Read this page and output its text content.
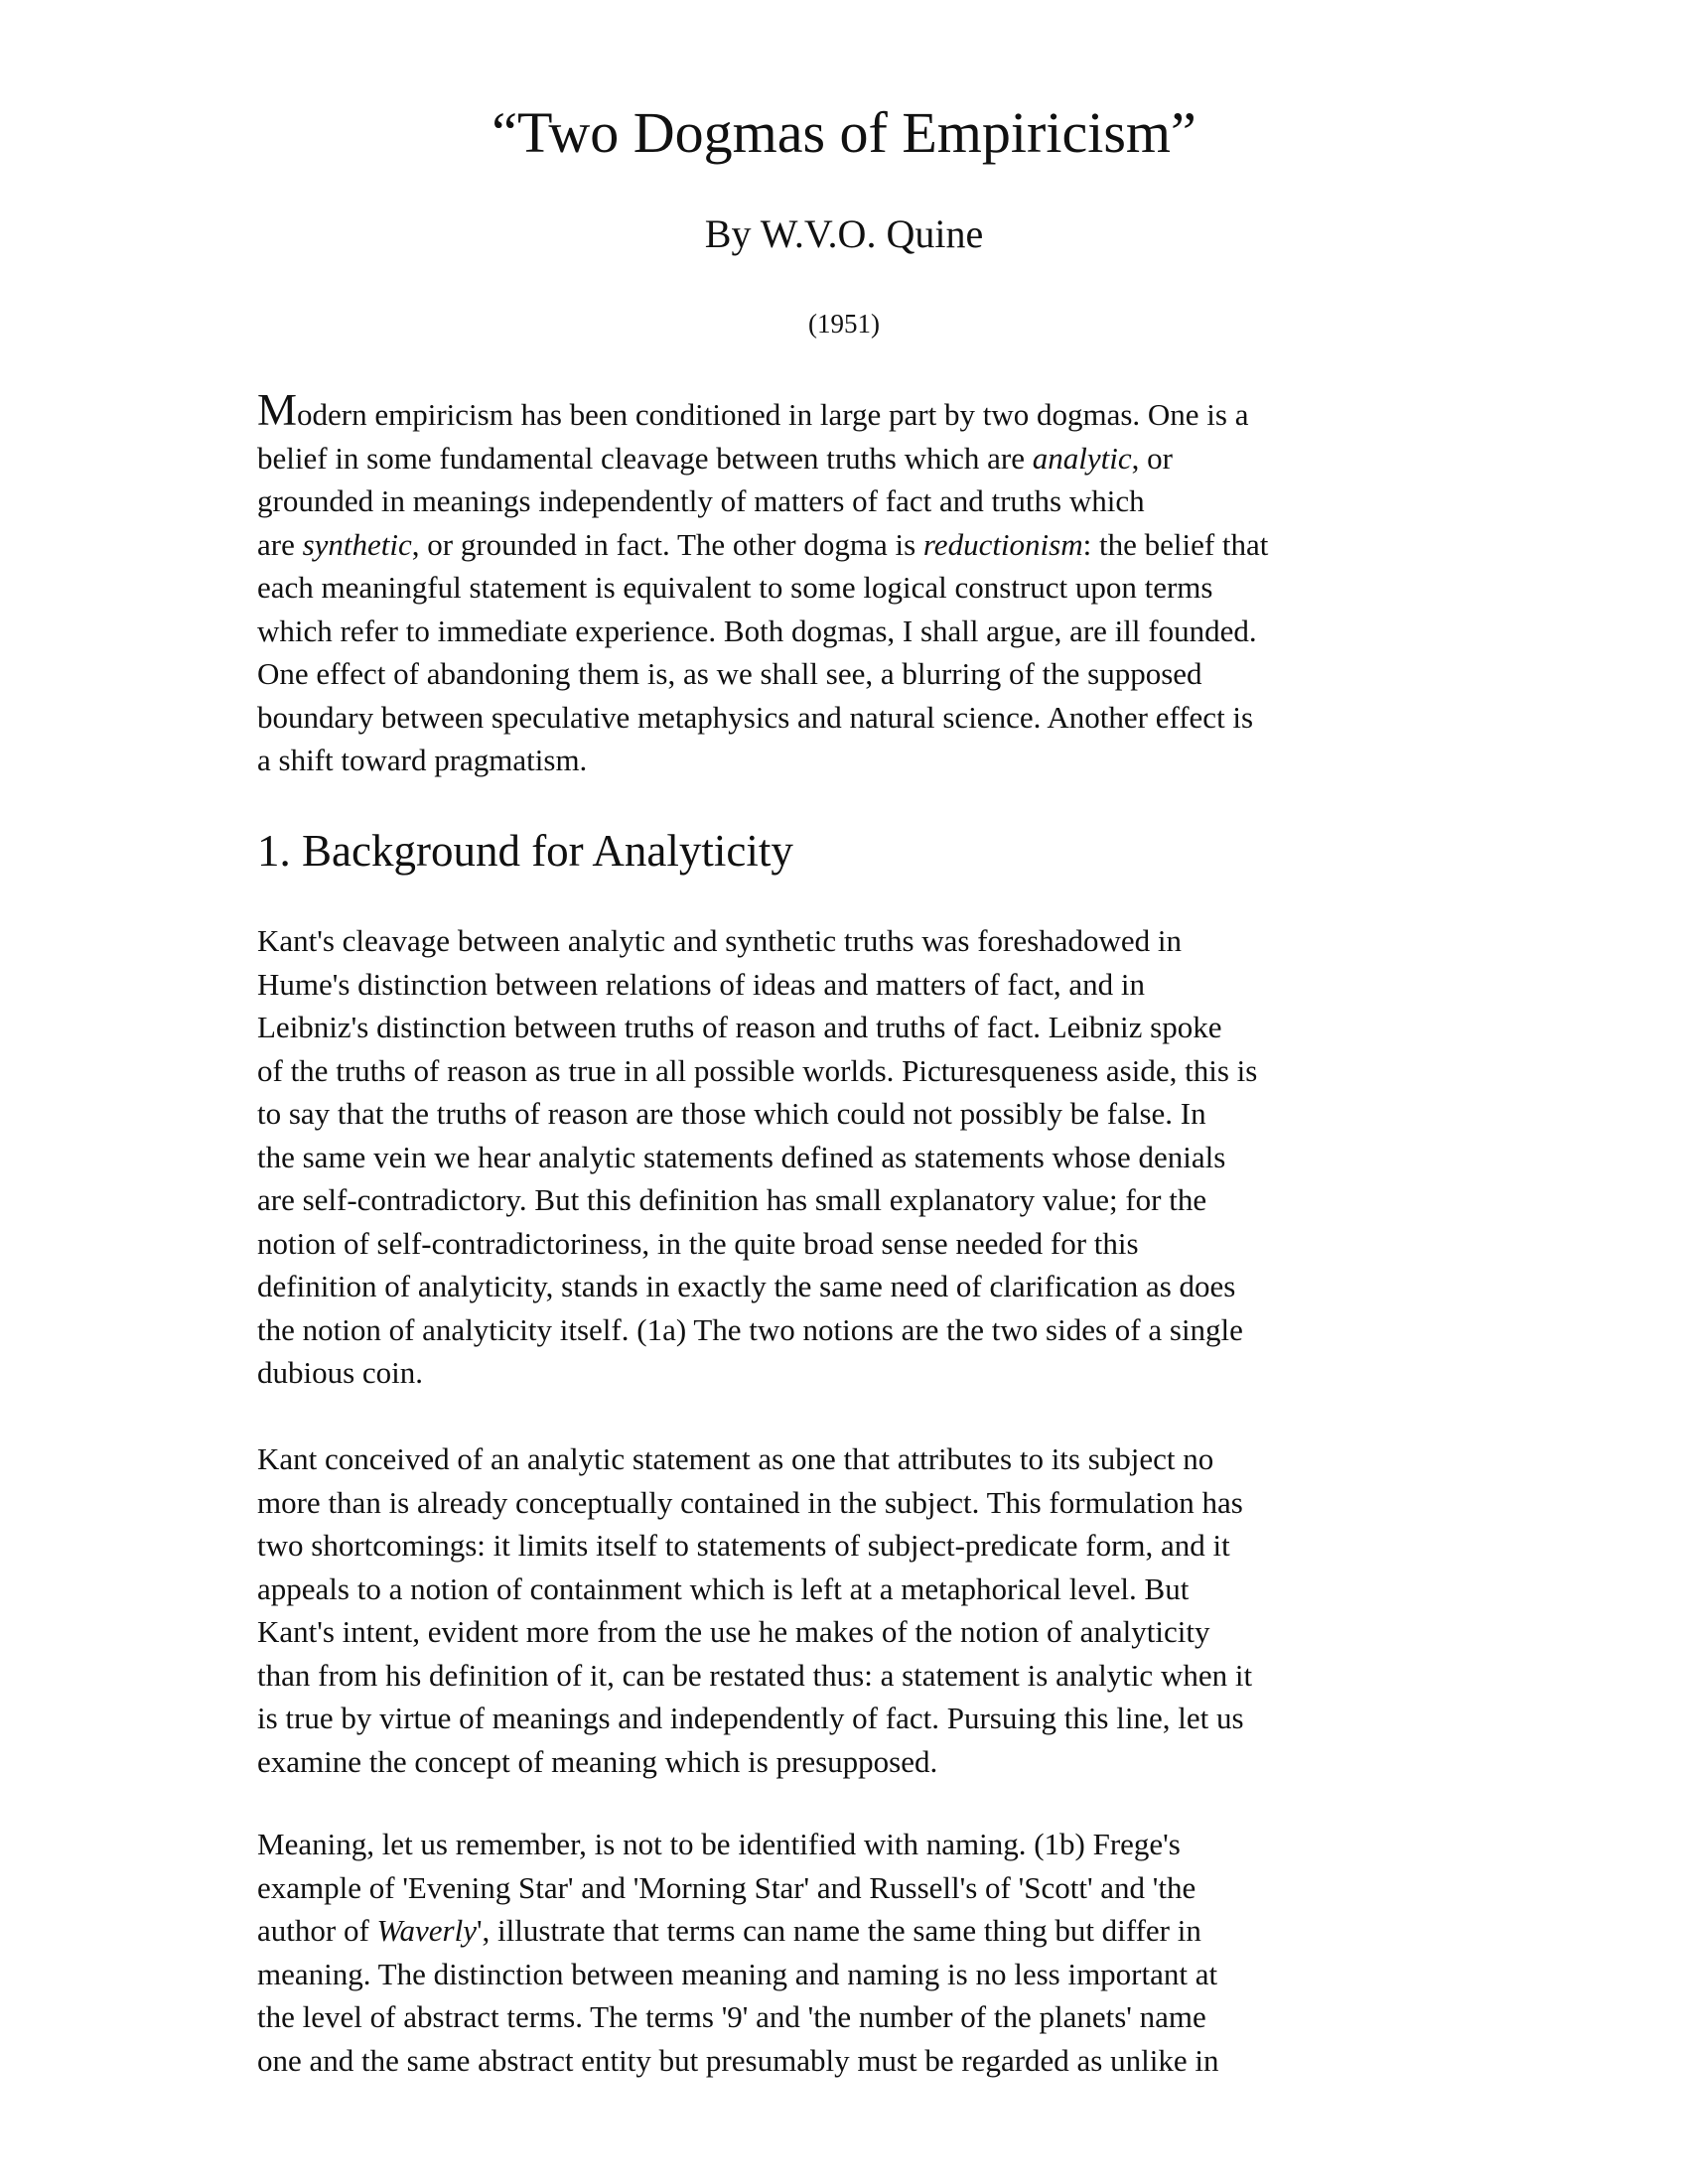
“Two Dogmas of Empiricism”
By W.V.O. Quine
(1951)

Modern empiricism has been conditioned in large part by two dogmas. One is a
belief in some fundamental cleavage between truths which are analytic, or
grounded in meanings independently of matters of fact and truths which
are synthetic, or grounded in fact. The other dogma is reductionism: the belief that
each meaningful statement is equivalent to some logical construct upon terms
which refer to immediate experience. Both dogmas, I shall argue, are ill founded.
One effect of abandoning them is, as we shall see, a blurring of the supposed
boundary between speculative metaphysics and natural science. Another effect is
a shift toward pragmatism.

1. Background for Analyticity

Kant's cleavage between analytic and synthetic truths was foreshadowed in
Hume's distinction between relations of ideas and matters of fact, and in
Leibniz's distinction between truths of reason and truths of fact. Leibniz spoke
of the truths of reason as true in all possible worlds. Picturesqueness aside, this is
to say that the truths of reason are those which could not possibly be false. In
the same vein we hear analytic statements defined as statements whose denials
are self-contradictory. But this definition has small explanatory value; for the
notion of self-contradictoriness, in the quite broad sense needed for this
definition of analyticity, stands in exactly the same need of clarification as does
the notion of analyticity itself. (1a) The two notions are the two sides of a single
dubious coin.

Kant conceived of an analytic statement as one that attributes to its subject no
more than is already conceptually contained in the subject. This formulation has
two shortcomings: it limits itself to statements of subject-predicate form, and it
appeals to a notion of containment which is left at a metaphorical level. But
Kant's intent, evident more from the use he makes of the notion of analyticity
than from his definition of it, can be restated thus: a statement is analytic when it
is true by virtue of meanings and independently of fact. Pursuing this line, let us
examine the concept of meaning which is presupposed.

Meaning, let us remember, is not to be identified with naming. (1b) Frege's
example of 'Evening Star' and 'Morning Star' and Russell's of 'Scott' and 'the
author of Waverly', illustrate that terms can name the same thing but differ in
meaning. The distinction between meaning and naming is no less important at
the level of abstract terms. The terms '9' and 'the number of the planets' name
one and the same abstract entity but presumably must be regarded as unlike in
